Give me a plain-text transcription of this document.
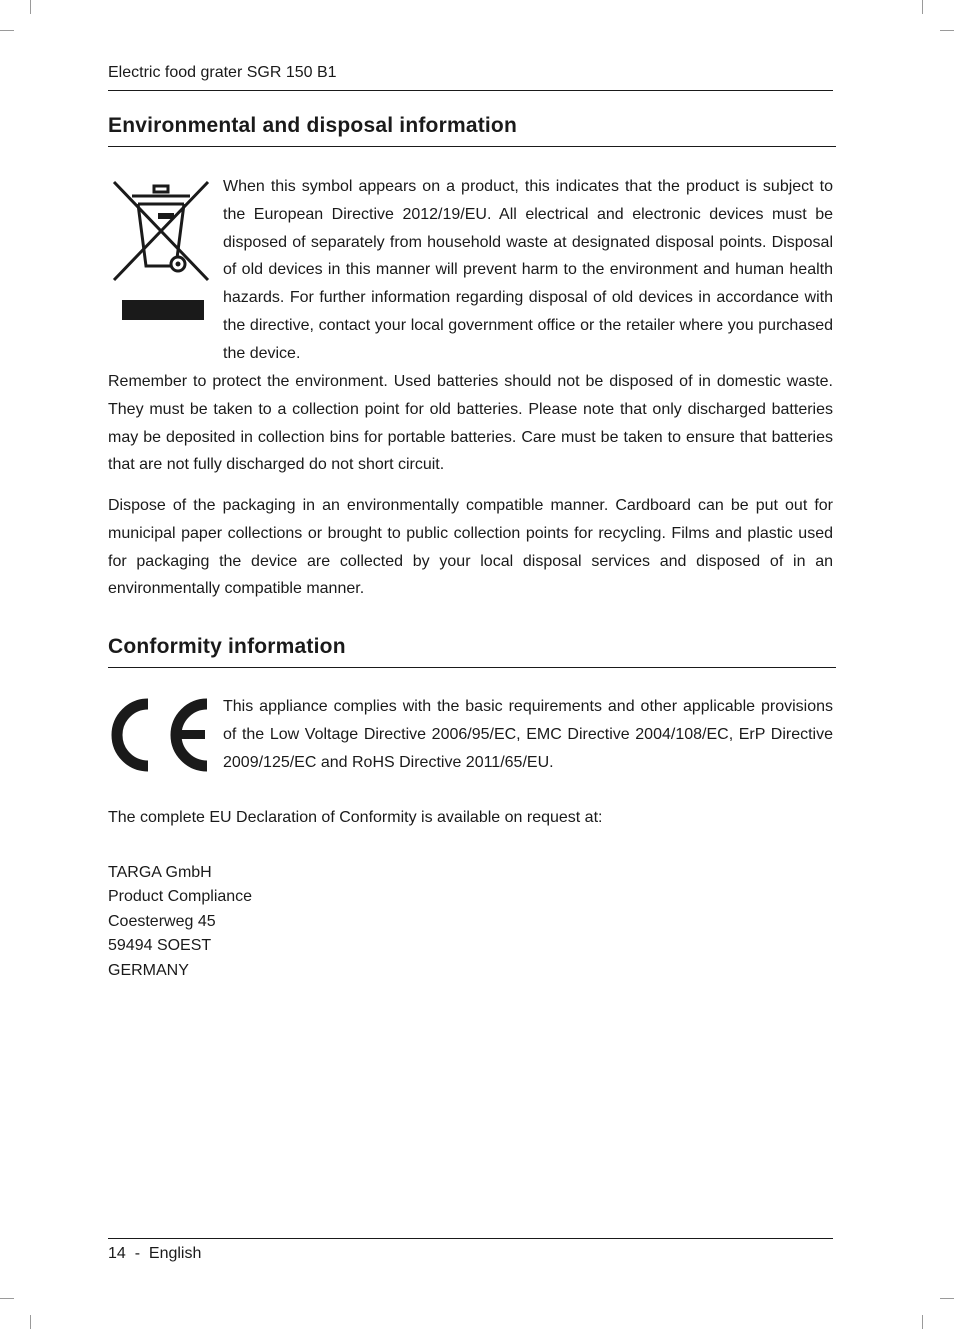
Electric food grater SGR 150 B1
Environmental and disposal information

When this symbol appears on a product, this indicates that the product is subject to the European Directive 2012/19/EU. All electrical and electronic devices must be disposed of separately from household waste at designated disposal points. Disposal of old devices in this manner will prevent harm to the environment and human health hazards. For further information regarding disposal of old devices in accordance with the directive, contact your local government office or the retailer where you purchased the device.

Remember to protect the environment. Used batteries should not be disposed of in domestic waste. They must be taken to a collection point for old batteries. Please note that only discharged batteries may be deposited in collection bins for portable batteries. Care must be taken to ensure that batteries that are not fully discharged do not short circuit.

Dispose of the packaging in an environmentally compatible manner. Cardboard can be put out for municipal paper collections or brought to public collection points for recycling. Films and plastic used for packaging the device are collected by your local disposal services and disposed of in an environmentally compatible manner.

Conformity information

This appliance complies with the basic requirements and other applicable provisions of the Low Voltage Directive 2006/95/EC, EMC Directive 2004/108/EC, ErP Directive 2009/125/EC and RoHS Directive 2011/65/EU.

The complete EU Declaration of Conformity is available on request at:

TARGA GmbH
Product Compliance
Coesterweg 45
59494 SOEST
GERMANY
14 - English
